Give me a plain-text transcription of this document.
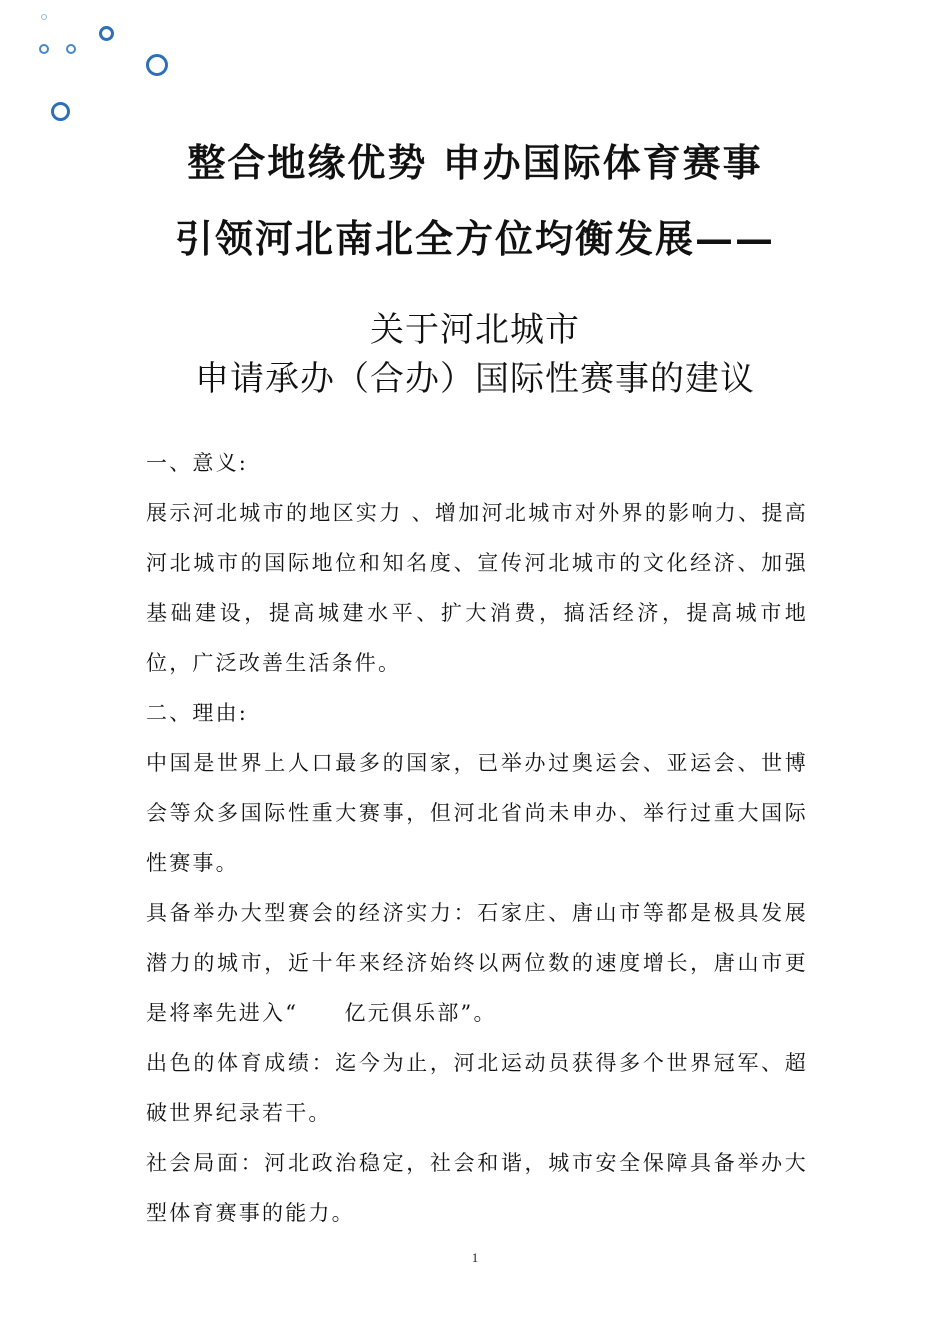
整合地缘优势 申办国际体育赛事
引领河北南北全方位均衡发展——
关于河北城市
申请承办（合办）国际性赛事的建议

一、意义:

展示河北城市的地区实力 、增加河北城市对外界的影响力、提高河北城市的国际地位和知名度、宣传河北城市的文化经济、加强基础建设，提高城建水平、扩大消费，搞活经济，提高城市地位，广泛改善生活条件。

二、理由:

中国是世界上人口最多的国家，已举办过奥运会、亚运会、世博会等众多国际性重大赛事，但河北省尚未申办、举行过重大国际性赛事。

具备举办大型赛会的经济实力：石家庄、唐山市等都是极具发展潜力的城市，近十年来经济始终以两位数的速度增长，唐山市更是将率先进入“　　亿元俱乐部”。

出色的体育成绩：迄今为止，河北运动员获得多个世界冠军、超破世界纪录若干。

社会局面：河北政治稳定，社会和谐，城市安全保障具备举办大型体育赛事的能力。

1
